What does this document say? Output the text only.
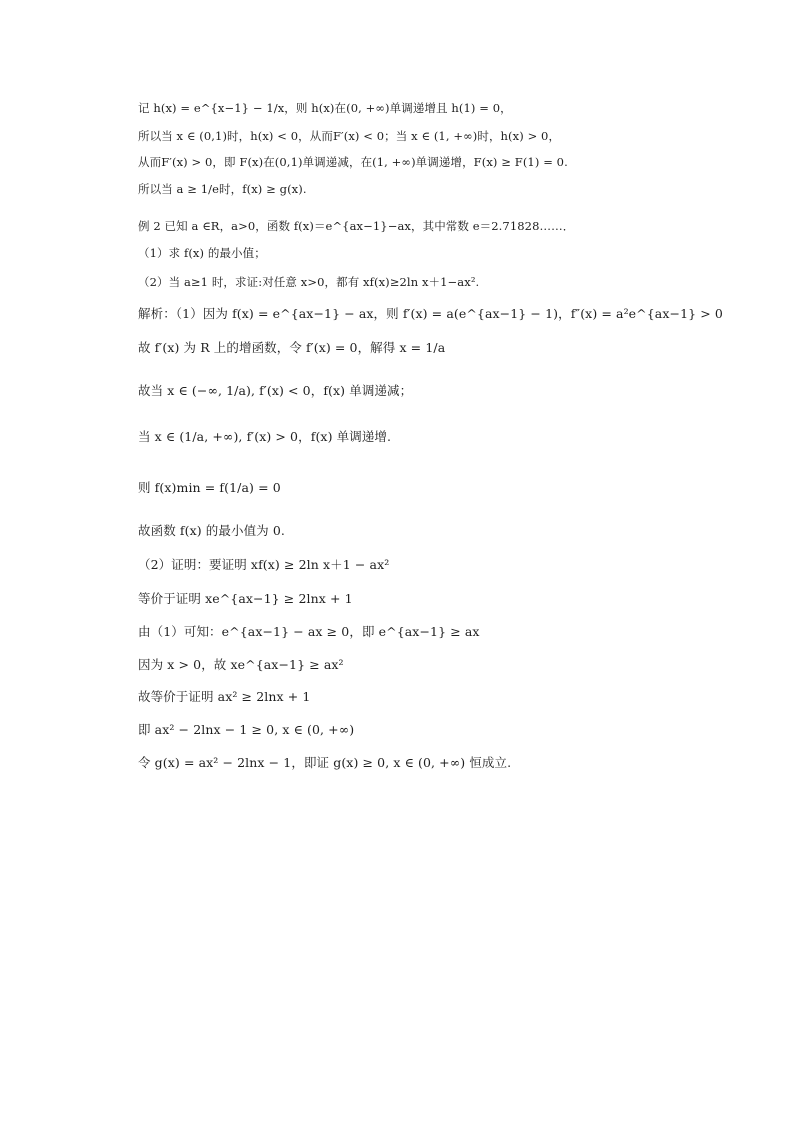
记 h(x) = e^{x−1} − 1/x，则 h(x)在(0, +∞)单调递增且 h(1) = 0，
所以当 x ∈ (0,1)时，h(x) < 0，从而F′(x) < 0；当 x ∈ (1, +∞)时，h(x) > 0，
从而F′(x) > 0，即 F(x)在(0,1)单调递减，在(1, +∞)单调递增，F(x) ≥ F(1) = 0.
所以当 a ≥ 1/e时，f(x) ≥ g(x).
例 2 已知 a ∈R，a>0，函数 f(x)＝e^{ax−1}−ax，其中常数 e＝2.71828……．
（1）求 f(x) 的最小值；
（2）当 a≥1 时，求证:对任意 x>0，都有 xf(x)≥2ln x＋1−ax².
解析：（1）因为 f(x) = e^{ax−1} − ax，则 f′(x) = a(e^{ax−1} − 1)，f″(x) = a²e^{ax−1} > 0
故 f′(x) 为 R 上的增函数，令 f′(x) = 0，解得 x = 1/a
故当 x ∈ (−∞, 1/a), f′(x) < 0，f(x) 单调递减；
当 x ∈ (1/a, +∞), f′(x) > 0，f(x) 单调递增.
则 f(x)min = f(1/a) = 0
故函数 f(x) 的最小值为 0.
（2）证明：要证明 xf(x) ≥ 2ln x＋1 − ax²
等价于证明 xe^{ax−1} ≥ 2lnx + 1
由（1）可知：e^{ax−1} − ax ≥ 0，即 e^{ax−1} ≥ ax
因为 x > 0，故 xe^{ax−1} ≥ ax²
故等价于证明 ax² ≥ 2lnx + 1
即 ax² − 2lnx − 1 ≥ 0, x ∈ (0, +∞)
令 g(x) = ax² − 2lnx − 1，即证 g(x) ≥ 0, x ∈ (0, +∞) 恒成立.
